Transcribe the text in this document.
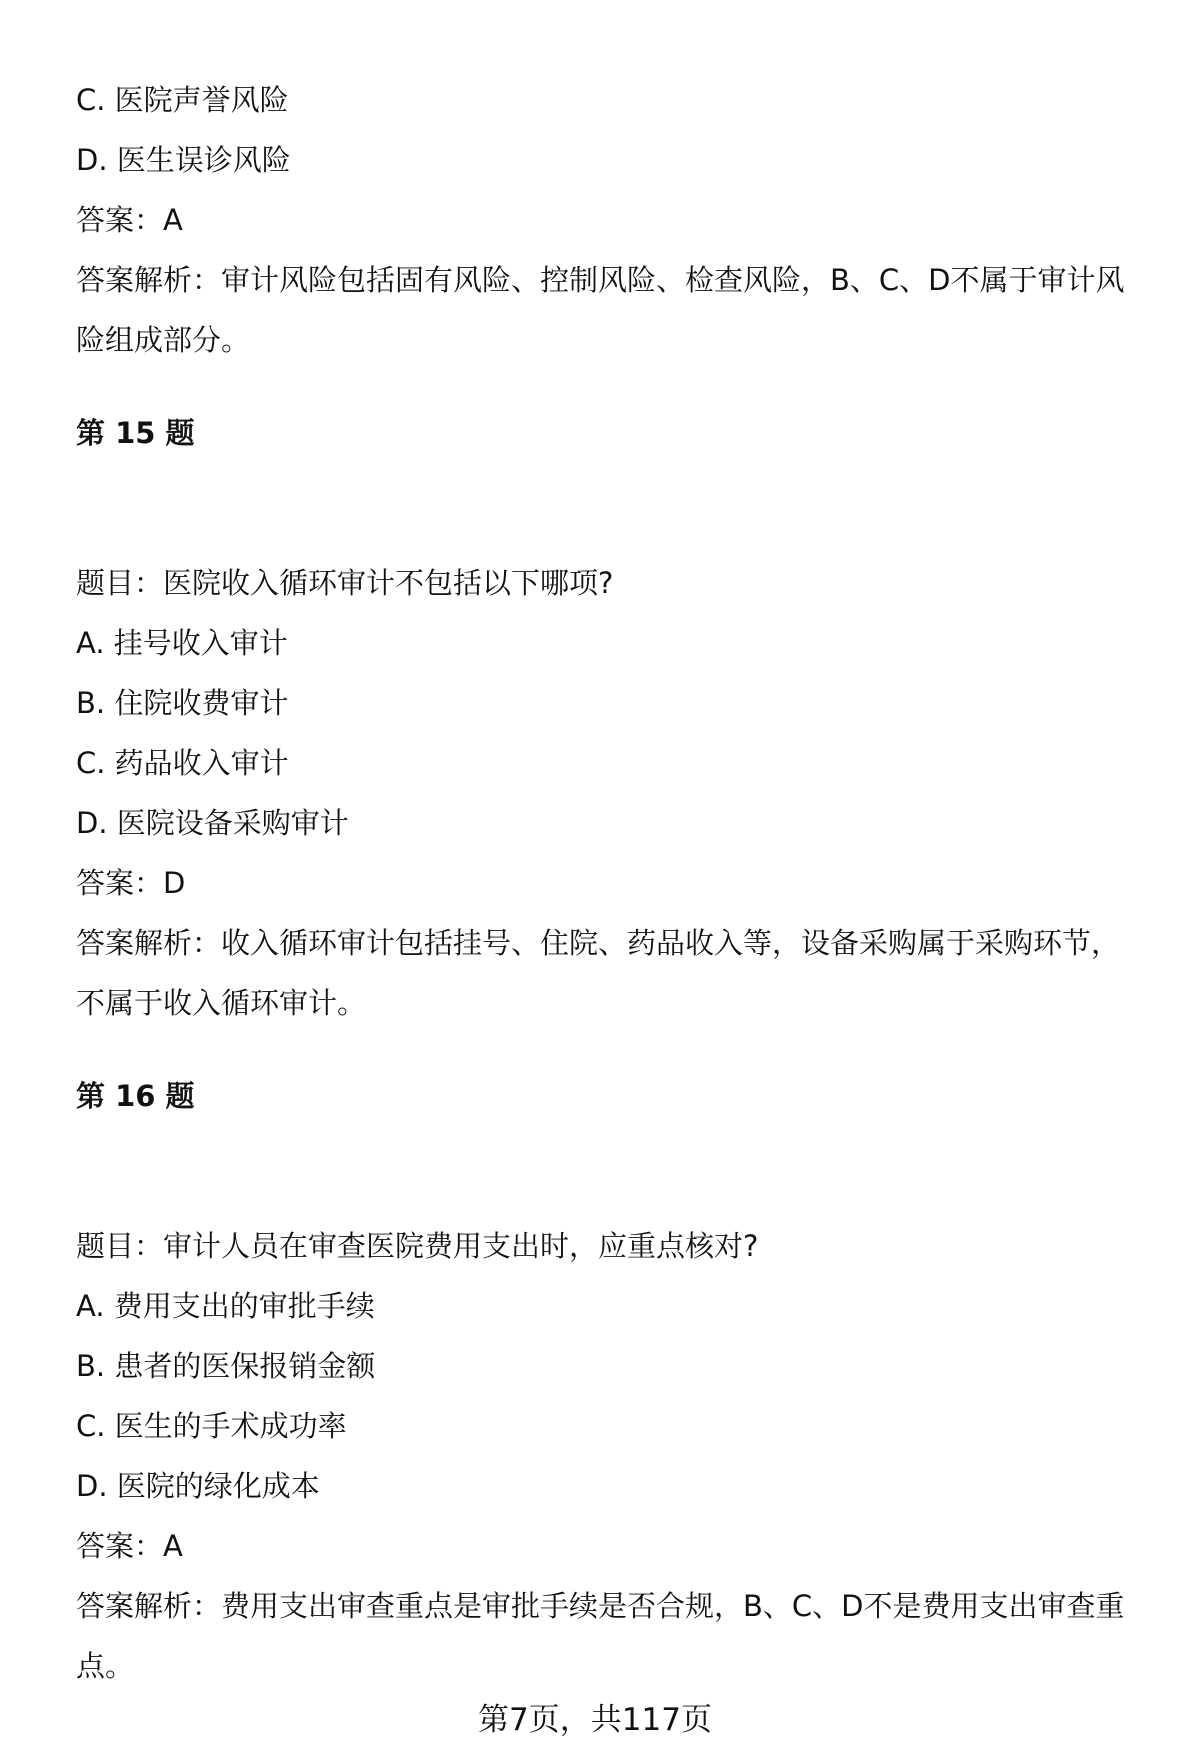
C. 医院声誉风险

D. 医生误诊风险

答案：A

答案解析：审计风险包括固有风险、控制风险、检查风险，B、C、D不属于审计风

险组成部分。

第 15 题

题目：医院收入循环审计不包括以下哪项?

A. 挂号收入审计

B. 住院收费审计

C. 药品收入审计

D. 医院设备采购审计

答案：D

答案解析：收入循环审计包括挂号、住院、药品收入等，设备采购属于采购环节，

不属于收入循环审计。

第 16 题

题目：审计人员在审查医院费用支出时，应重点核对?

A. 费用支出的审批手续

B. 患者的医保报销金额

C. 医生的手术成功率

D. 医院的绿化成本

答案：A

答案解析：费用支出审查重点是审批手续是否合规，B、C、D不是费用支出审查重

点。

第7页，共117页
